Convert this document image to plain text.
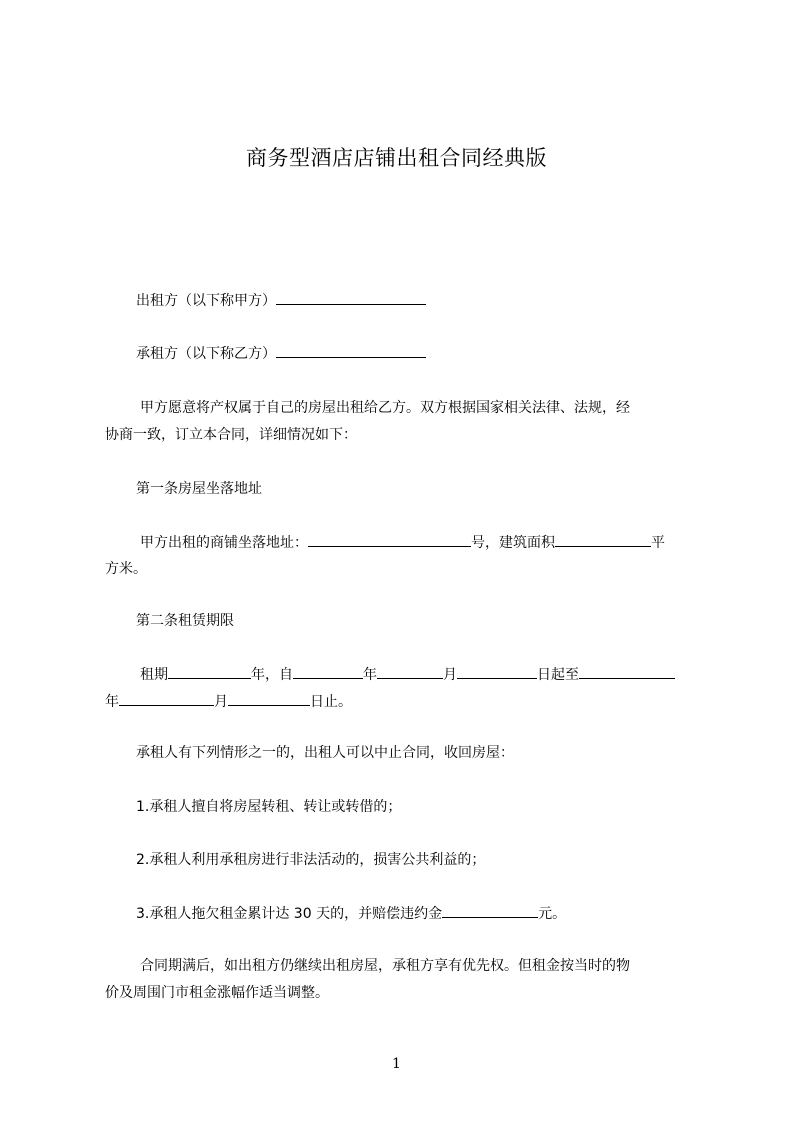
商务型酒店店铺出租合同经典版
出租方（以下称甲方）
承租方（以下称乙方）
甲方愿意将产权属于自己的房屋出租给乙方。双方根据国家相关法律、法规，经
协商一致，订立本合同，详细情况如下：
第一条房屋坐落地址
甲方出租的商铺坐落地址：	号，建筑面积	平
方米。
第二条租赁期限
租期	年，自	年	月	日起至
年	月	日止。
承租人有下列情形之一的，出租人可以中止合同，收回房屋：
1.承租人擅自将房屋转租、转让或转借的；
2.承租人利用承租房进行非法活动的，损害公共利益的；
3.承租人拖欠租金累计达 30 天的，并赔偿违约金	元。
合同期满后，如出租方仍继续出租房屋，承租方享有优先权。但租金按当时的物
价及周围门市租金涨幅作适当调整。
1
